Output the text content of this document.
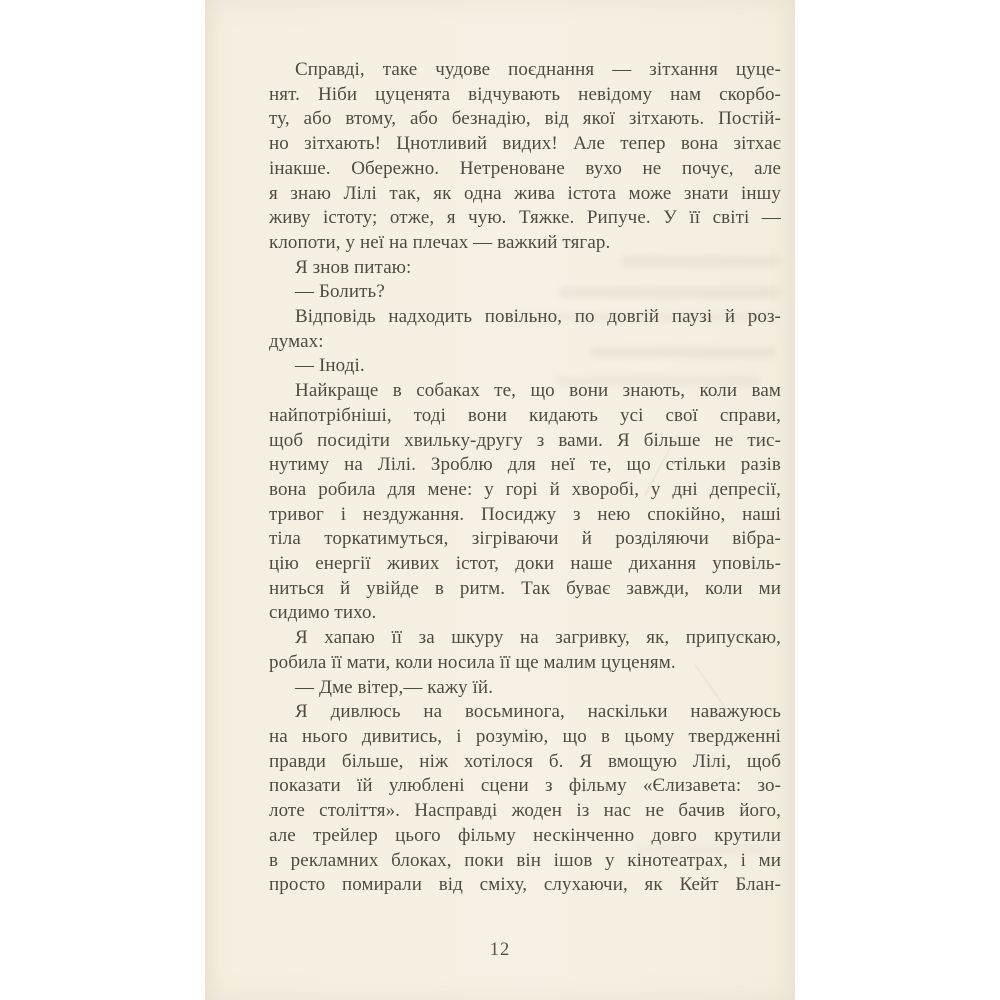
Справді, таке чудове поєднання — зітхання цуце-
нят. Ніби цуценята відчувають невідому нам скорбо-
ту, або втому, або безнадію, від якої зітхають. Постій-
но зітхають! Цнотливий видих! Але тепер вона зітхає
інакше. Обережно. Нетреноване вухо не почує, але
я знаю Лілі так, як одна жива істота може знати іншу
живу істоту; отже, я чую. Тяжке. Рипуче. У її світі —
клопоти, у неї на плечах — важкий тягар.
Я знов питаю:
— Болить?
Відповідь надходить повільно, по довгій паузі й роз-
думах:
— Іноді.
Найкраще в собаках те, що вони знають, коли вам
найпотрібніші, тоді вони кидають усі свої справи,
щоб посидіти хвильку-другу з вами. Я більше не тис-
нутиму на Лілі. Зроблю для неї те, що стільки разів
вона робила для мене: у горі й хворобі, у дні депресії,
тривог і нездужання. Посиджу з нею спокійно, наші
тіла торкатимуться, зігріваючи й розділяючи вібра-
цію енергії живих істот, доки наше дихання уповіль-
ниться й увійде в ритм. Так буває завжди, коли ми
сидимо тихо.
Я хапаю її за шкуру на загривку, як, припускаю,
робила її мати, коли носила її ще малим цуценям.
— Дме вітер,— кажу їй.
Я дивлюсь на восьминога, наскільки наважуюсь
на нього дивитись, і розумію, що в цьому твердженні
правди більше, ніж хотілося б. Я вмощую Лілі, щоб
показати їй улюблені сцени з фільму «Єлизавета: зо-
лоте століття». Насправді жоден із нас не бачив його,
але трейлер цього фільму нескінченно довго крутили
в рекламних блоках, поки він ішов у кінотеатрах, і ми
просто помирали від сміху, слухаючи, як Кейт Блан-
12
